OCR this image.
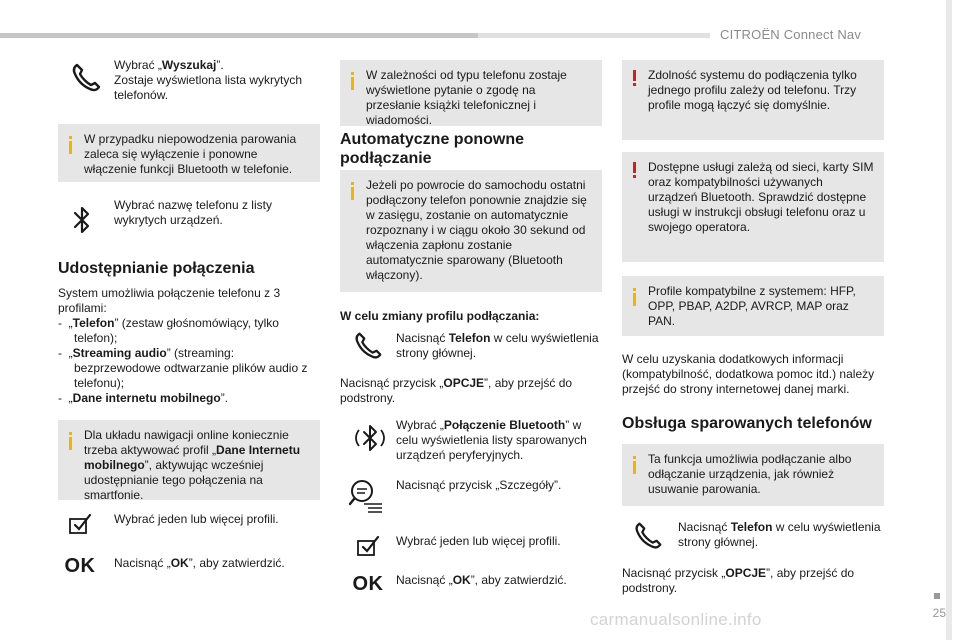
CITROËN Connect Nav
25
carmanualsonline.info
Wybrać „Wyszukaj”.
Zostaje wyświetlona lista wykrytych telefonów.
W przypadku niepowodzenia parowania zaleca się wyłączenie i ponowne włączenie funkcji Bluetooth w telefonie.
Wybrać nazwę telefonu z listy wykrytych urządzeń.
Udostępnianie połączenia
System umożliwia połączenie telefonu z 3 profilami:
-  „Telefon” (zestaw głośnomówiący, tylko telefon);
-  „Streaming audio” (streaming: bezprzewodowe odtwarzanie plików audio z telefonu);
-  „Dane internetu mobilnego”.
Dla układu nawigacji online koniecznie trzeba aktywować profil „Dane Internetu mobilnego”, aktywując wcześniej udostępnianie tego połączenia na smartfonie.
Wybrać jeden lub więcej profili.
OK	Nacisnąć „OK”, aby zatwierdzić.
W zależności od typu telefonu zostaje wyświetlone pytanie o zgodę na przesłanie książki telefonicznej i wiadomości.
Automatyczne ponowne podłączanie
Jeżeli po powrocie do samochodu ostatni podłączony telefon ponownie znajdzie się w zasięgu, zostanie on automatycznie rozpoznany i w ciągu około 30 sekund od włączenia zapłonu zostanie automatycznie sparowany (Bluetooth włączony).
W celu zmiany profilu podłączania:
Nacisnąć Telefon w celu wyświetlenia strony głównej.
Nacisnąć przycisk „OPCJE”, aby przejść do podstrony.
Wybrać „Połączenie Bluetooth” w celu wyświetlenia listy sparowanych urządzeń peryferyjnych.
Nacisnąć przycisk „Szczegóły”.
Wybrać jeden lub więcej profili.
OK	Nacisnąć „OK”, aby zatwierdzić.
Zdolność systemu do podłączenia tylko jednego profilu zależy od telefonu. Trzy profile mogą łączyć się domyślnie.
Dostępne usługi zależą od sieci, karty SIM oraz kompatybilności używanych urządzeń Bluetooth. Sprawdzić dostępne usługi w instrukcji obsługi telefonu oraz u swojego operatora.
Profile kompatybilne z systemem: HFP, OPP, PBAP, A2DP, AVRCP, MAP oraz PAN.
W celu uzyskania dodatkowych informacji (kompatybilność, dodatkowa pomoc itd.) należy przejść do strony internetowej danej marki.
Obsługa sparowanych telefonów
Ta funkcja umożliwia podłączanie albo odłączanie urządzenia, jak również usuwanie parowania.
Nacisnąć Telefon w celu wyświetlenia strony głównej.
Nacisnąć przycisk „OPCJE”, aby przejść do podstrony.
